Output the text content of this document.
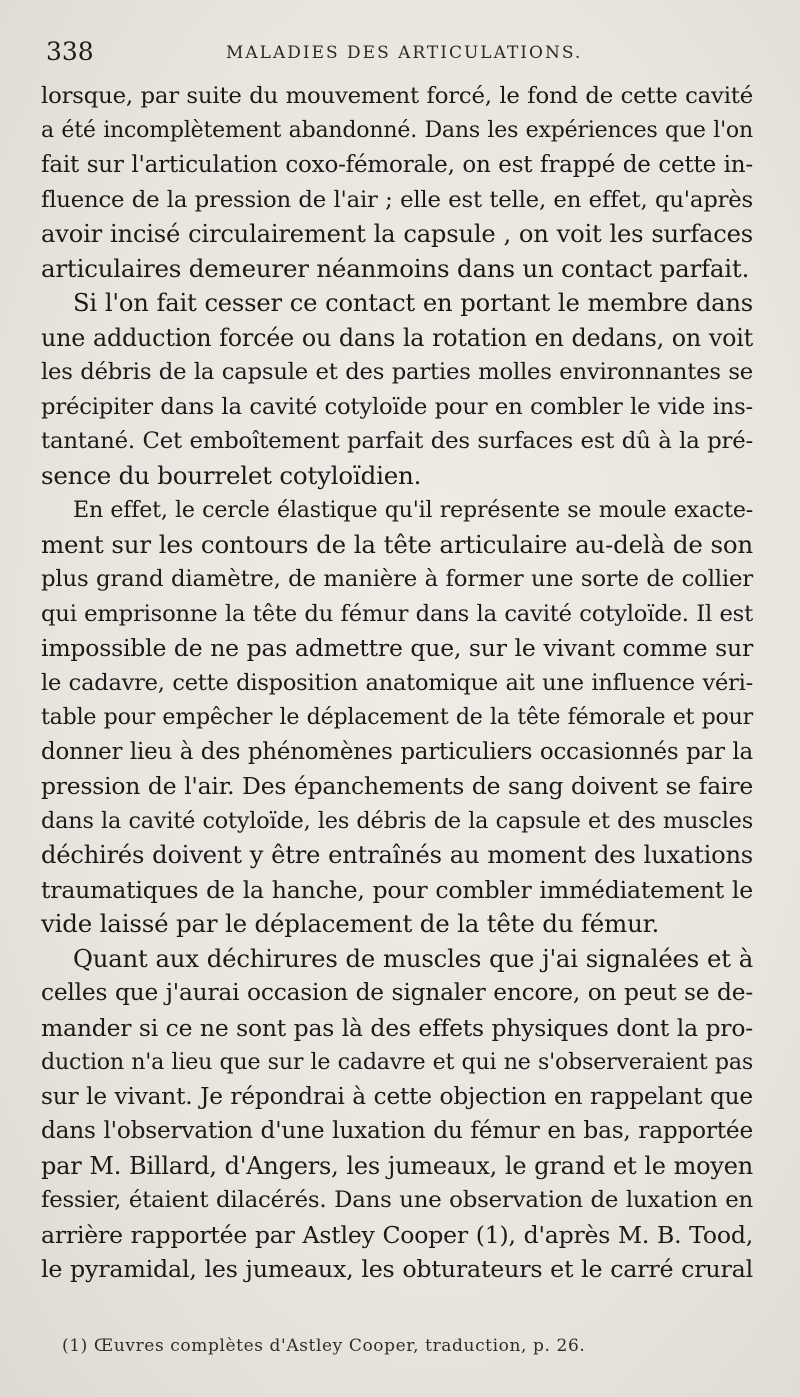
338	MALADIES DES ARTICULATIONS.
lorsque, par suite du mouvement forcé, le fond de cette cavité
a été incomplètement abandonné. Dans les expériences que l'on
fait sur l'articulation coxo-fémorale, on est frappé de cette in-
fluence de la pression de l'air ; elle est telle, en effet, qu'après
avoir incisé circulairement la capsule , on voit les surfaces
articulaires demeurer néanmoins dans un contact parfait.
Si l'on fait cesser ce contact en portant le membre dans
une adduction forcée ou dans la rotation en dedans, on voit
les débris de la capsule et des parties molles environnantes se
précipiter dans la cavité cotyloïde pour en combler le vide ins-
tantané. Cet emboîtement parfait des surfaces est dû à la pré-
sence du bourrelet cotyloïdien.
En effet, le cercle élastique qu'il représente se moule exacte-
ment sur les contours de la tête articulaire au-delà de son
plus grand diamètre, de manière à former une sorte de collier
qui emprisonne la tête du fémur dans la cavité cotyloïde. Il est
impossible de ne pas admettre que, sur le vivant comme sur
le cadavre, cette disposition anatomique ait une influence véri-
table pour empêcher le déplacement de la tête fémorale et pour
donner lieu à des phénomènes particuliers occasionnés par la
pression de l'air. Des épanchements de sang doivent se faire
dans la cavité cotyloïde, les débris de la capsule et des muscles
déchirés doivent y être entraînés au moment des luxations
traumatiques de la hanche, pour combler immédiatement le
vide laissé par le déplacement de la tête du fémur.
Quant aux déchirures de muscles que j'ai signalées et à
celles que j'aurai occasion de signaler encore, on peut se de-
mander si ce ne sont pas là des effets physiques dont la pro-
duction n'a lieu que sur le cadavre et qui ne s'observeraient pas
sur le vivant. Je répondrai à cette objection en rappelant que
dans l'observation d'une luxation du fémur en bas, rapportée
par M. Billard, d'Angers, les jumeaux, le grand et le moyen
fessier, étaient dilacérés. Dans une observation de luxation en
arrière rapportée par Astley Cooper (1), d'après M. B. Tood,
le pyramidal, les jumeaux, les obturateurs et le carré crural
(1) Œuvres complètes d'Astley Cooper, traduction, p. 26.
